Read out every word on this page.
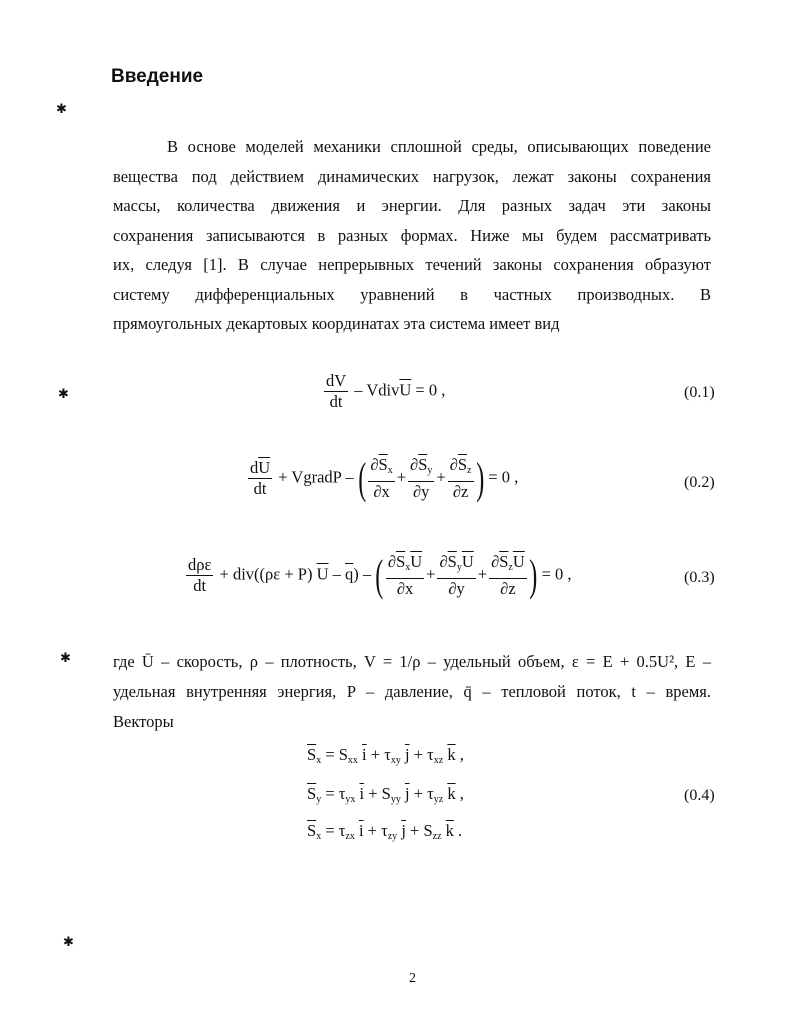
✱
✱
✱
✱
Введение
В основе моделей механики сплошной среды, описывающих поведение
вещества под действием динамических нагрузок, лежат законы сохранения
массы, количества движения и энергии. Для разных задач эти законы
сохранения записываются в разных формах. Ниже мы будем рассматривать
их, следуя [1]. В случае непрерывных течений законы сохранения образуют
систему дифференциальных уравнений в частных производных. В
прямоугольных декартовых координатах эта система имеет вид
$\frac{dV}{dt}$ – $Vdiv\overline{U} = 0$ ,	(0.1)
$\frac{d\overline{U}}{dt}$ + VgradP – ( $\frac{\partial\overline{S}_x}{\partial x} + \frac{\partial\overline{S}_y}{\partial y} + \frac{\partial\overline{S}_z}{\partial z}$ ) = 0 ,	(0.2)
$\frac{\text{dρε}}{dt} + div((\rho\varepsilon + P)$ $\overline{U} - \overline{q}$) – ( $\frac{\partial\overline{S}_x\overline{U}}{\partial x} + \frac{\partial\overline{S}_y\overline{U}}{\partial y} + \frac{\partial\overline{S}_z\overline{U}}{\partial z}$ ) = 0 ,	(0.3)
где Ū – скорость, ρ – плотность, V = 1/ρ – удельный объем, ε = E + 0.5U², E –
удельная внутренняя энергия, P – давление, q̄ – тепловой поток, t – время.
Векторы
$\overline{S}_x = S_{xx}$ $\overline{i} + \tau_{xy}$ $\overline{j} + \tau_{xz}$ $\overline{k}$ ,
$\overline{S}_y = \tau_{yx}$ $\overline{i} + S_{yy}$ $\overline{j} + \tau_{yz}$ $\overline{k}$ ,
$\overline{S}_x = \tau_{zx}$ $\overline{i} + \tau_{zy}$ $\overline{j} + S_{zz}$ $\overline{k}$ .
(0.4)
2
